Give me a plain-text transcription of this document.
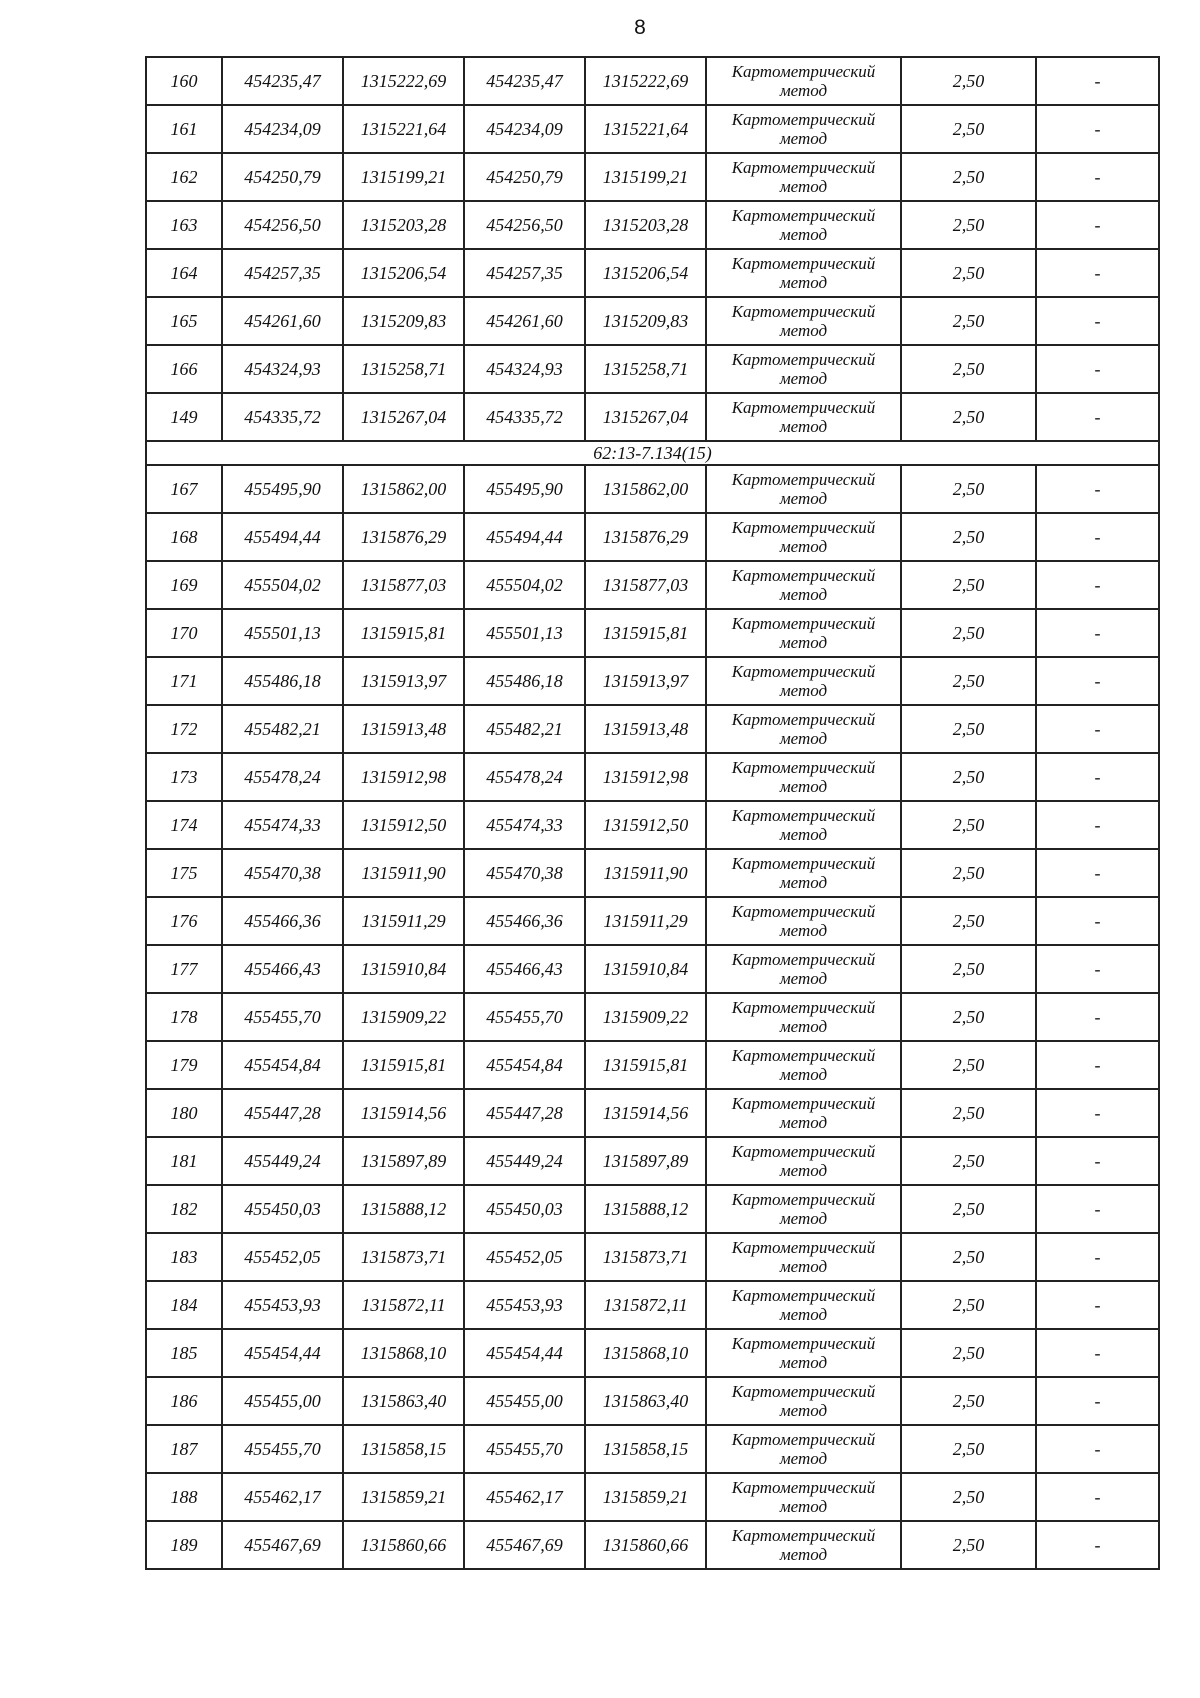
8
160	454235,47	1315222,69	454235,47	1315222,69	Картометрический
метод	2,50	-
161	454234,09	1315221,64	454234,09	1315221,64	Картометрический
метод	2,50	-
162	454250,79	1315199,21	454250,79	1315199,21	Картометрический
метод	2,50	-
163	454256,50	1315203,28	454256,50	1315203,28	Картометрический
метод	2,50	-
164	454257,35	1315206,54	454257,35	1315206,54	Картометрический
метод	2,50	-
165	454261,60	1315209,83	454261,60	1315209,83	Картометрический
метод	2,50	-
166	454324,93	1315258,71	454324,93	1315258,71	Картометрический
метод	2,50	-
149	454335,72	1315267,04	454335,72	1315267,04	Картометрический
метод	2,50	-
62:13-7.134(15)							
167	455495,90	1315862,00	455495,90	1315862,00	Картометрический
метод	2,50	-
168	455494,44	1315876,29	455494,44	1315876,29	Картометрический
метод	2,50	-
169	455504,02	1315877,03	455504,02	1315877,03	Картометрический
метод	2,50	-
170	455501,13	1315915,81	455501,13	1315915,81	Картометрический
метод	2,50	-
171	455486,18	1315913,97	455486,18	1315913,97	Картометрический
метод	2,50	-
172	455482,21	1315913,48	455482,21	1315913,48	Картометрический
метод	2,50	-
173	455478,24	1315912,98	455478,24	1315912,98	Картометрический
метод	2,50	-
174	455474,33	1315912,50	455474,33	1315912,50	Картометрический
метод	2,50	-
175	455470,38	1315911,90	455470,38	1315911,90	Картометрический
метод	2,50	-
176	455466,36	1315911,29	455466,36	1315911,29	Картометрический
метод	2,50	-
177	455466,43	1315910,84	455466,43	1315910,84	Картометрический
метод	2,50	-
178	455455,70	1315909,22	455455,70	1315909,22	Картометрический
метод	2,50	-
179	455454,84	1315915,81	455454,84	1315915,81	Картометрический
метод	2,50	-
180	455447,28	1315914,56	455447,28	1315914,56	Картометрический
метод	2,50	-
181	455449,24	1315897,89	455449,24	1315897,89	Картометрический
метод	2,50	-
182	455450,03	1315888,12	455450,03	1315888,12	Картометрический
метод	2,50	-
183	455452,05	1315873,71	455452,05	1315873,71	Картометрический
метод	2,50	-
184	455453,93	1315872,11	455453,93	1315872,11	Картометрический
метод	2,50	-
185	455454,44	1315868,10	455454,44	1315868,10	Картометрический
метод	2,50	-
186	455455,00	1315863,40	455455,00	1315863,40	Картометрический
метод	2,50	-
187	455455,70	1315858,15	455455,70	1315858,15	Картометрический
метод	2,50	-
188	455462,17	1315859,21	455462,17	1315859,21	Картометрический
метод	2,50	-
189	455467,69	1315860,66	455467,69	1315860,66	Картометрический
метод	2,50	-
